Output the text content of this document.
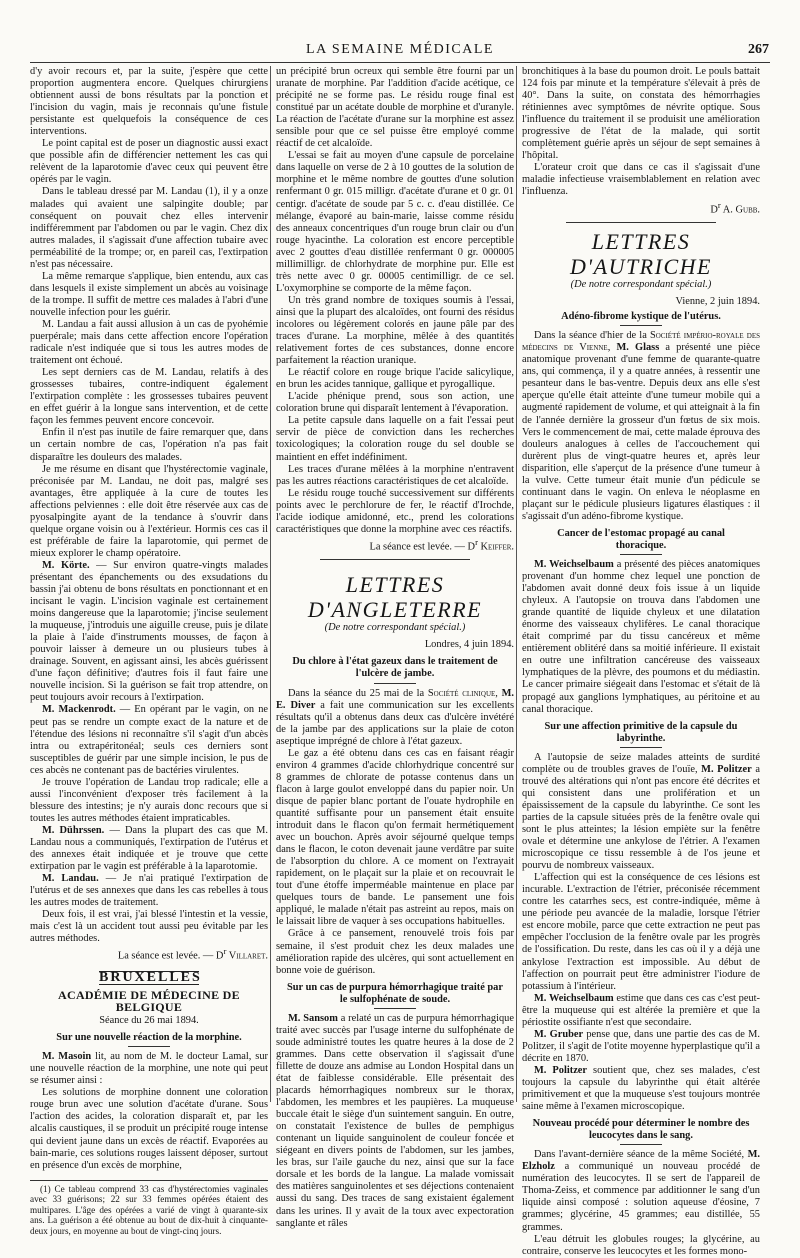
LA SEMAINE MÉDICALE	267

d'y avoir recours et, par la suite, j'espère que cette proportion augmentera encore. Quelques chirurgiens obtiennent aussi de bons résultats par la ponction et l'incision du vagin, mais je reconnais qu'une fistule persistante est quelquefois la conséquence de ces interventions.

Le point capital est de poser un diagnostic aussi exact que possible afin de différencier nettement les cas qui relèvent de la laparotomie d'avec ceux qui peuvent être opérés par le vagin.

Dans le tableau dressé par M. Landau (1), il y a onze malades qui avaient une salpingite double; par conséquent on pouvait chez elles intervenir indifféremment par l'abdomen ou par le vagin. Chez dix autres malades, il s'agissait d'une affection tubaire avec perméabilité de la trompe; or, en pareil cas, l'extirpation n'est pas nécessaire.

La même remarque s'applique, bien entendu, aux cas dans lesquels il existe simplement un abcès au voisinage de la trompe. Il suffit de mettre ces malades à l'abri d'une nouvelle infection pour les guérir.

M. Landau a fait aussi allusion à un cas de pyohémie puerpérale; mais dans cette affection encore l'opération radicale n'est indiquée que si tous les autres modes de traitement ont échoué.

Les sept derniers cas de M. Landau, relatifs à des grossesses tubaires, contre-indiquent également l'extirpation complète : les grossesses tubaires peuvent en effet guérir à la longue sans intervention, et de cette façon les femmes peuvent encore concevoir.

Enfin il n'est pas inutile de faire remarquer que, dans un certain nombre de cas, l'opération n'a pas fait disparaître les douleurs des malades.

Je me résume en disant que l'hystérectomie vaginale, préconisée par M. Landau, ne doit pas, malgré ses avantages, être appliquée à la cure de toutes les affections pelviennes : elle doit être réservée aux cas de pyosalpingite ayant de la tendance à s'ouvrir dans quelque organe voisin ou à l'extérieur. Hormis ces cas il est préférable de faire la laparotomie, qui permet de mieux explorer le champ opératoire.

M. Körte. — Sur environ quatre-vingts malades présentant des épanchements ou des exsudations du bassin j'ai obtenu de bons résultats en ponctionnant et en incisant le vagin. L'incision vaginale est certainement moins dangereuse que la laparotomie; j'incise seulement la muqueuse, j'introduis une aiguille creuse, puis je dilate la plaie à l'aide d'instruments mousses, de façon à pouvoir laisser à demeure un ou plusieurs tubes à drainage. Souvent, en agissant ainsi, les abcès guérissent d'une façon définitive; d'autres fois il faut faire une nouvelle incision. Si la guérison se fait trop attendre, on peut toujours avoir recours à l'extirpation.

M. Mackenrodt. — En opérant par le vagin, on ne peut pas se rendre un compte exact de la nature et de l'étendue des lésions ni reconnaître s'il s'agit d'un abcès intra ou extrapéritonéal; seuls ces derniers sont susceptibles de guérir par une simple incision, le pus de ces abcès ne contenant pas de bactéries virulentes.

Je trouve l'opération de Landau trop radicale; elle a aussi l'inconvénient d'exposer très facilement à la blessure des intestins; je n'y aurais donc recours que si toutes les autres méthodes étaient impraticables.

M. Dührssen. — Dans la plupart des cas que M. Landau nous a communiqués, l'extirpation de l'utérus et des annexes était indiquée et je trouve que cette extirpation par le vagin est préférable à la laparotomie.

M. Landau. — Je n'ai pratiqué l'extirpation de l'utérus et de ses annexes que dans les cas rebelles à tous les autres modes de traitement.

Deux fois, il est vrai, j'ai blessé l'intestin et la vessie, mais c'est là un accident tout aussi peu évitable par les autres méthodes.

La séance est levée. — $D^r$ Villaret.

BRUXELLES
ACADÉMIE DE MÉDECINE DE BELGIQUE
Séance du 26 mai 1894.
Sur une nouvelle réaction de la morphine.

M. Masoin lit, au nom de M. le docteur Lamal, sur une nouvelle réaction de la morphine, une note qui peut se résumer ainsi :

Les solutions de morphine donnent une coloration rouge brun avec une solution d'acétate d'urane. Sous l'action des acides, la coloration disparaît et, par les alcalis caustiques, il se produit un précipité rouge intense qui devient jaune dans un excès de réactif. Evaporées au bain-marie, ces solutions rouges laissent déposer, surtout en présence d'un excès de morphine,

(1) Ce tableau comprend 33 cas d'hystérectomies vaginales avec 33 guérisons; 22 sur 33 femmes opérées étaient des multipares. L'âge des opérées a varié de vingt à quarante-six ans. La guérison a été obtenue au bout de dix-huit à cinquante-deux jours, en moyenne au bout de vingt-cinq jours.

un précipité brun ocreux qui semble être fourni par un uranate de morphine. Par l'addition d'acide acétique, ce précipité ne se forme pas. Le résidu rouge final est constitué par un acétate double de morphine et d'uranyle. La réaction de l'acétate d'urane sur la morphine est assez sensible pour que ce sel puisse être employé comme réactif de cet alcaloïde.

L'essai se fait au moyen d'une capsule de porcelaine dans laquelle on verse de 2 à 10 gouttes de la solution de morphine et le même nombre de gouttes d'une solution renfermant 0 gr. 015 milligr. d'acétate d'urane et 0 gr. 01 centigr. d'acétate de soude par 5 c. c. d'eau distillée. Ce mélange, évaporé au bain-marie, laisse comme résidu des anneaux concentriques d'un rouge brun clair ou d'un rouge hyacinthe. La coloration est encore perceptible avec 2 gouttes d'eau distillée renfermant 0 gr. 000005 millimilligr. de chlorhydrate de morphine pur. Elle est très nette avec 0 gr. 00005 centimilligr. de ce sel. L'oxymorphine se comporte de la même façon.

Un très grand nombre de toxiques soumis à l'essai, ainsi que la plupart des alcaloïdes, ont fourni des résidus incolores ou légèrement colorés en jaune pâle par des traces d'urane. La morphine, mêlée à des quantités relativement fortes de ces substances, donne encore parfaitement la réaction uranique.

Le réactif colore en rouge brique l'acide salicylique, en brun les acides tannique, gallique et pyrogallique.

L'acide phénique prend, sous son action, une coloration brune qui disparaît lentement à l'évaporation.

La petite capsule dans laquelle on a fait l'essai peut servir de pièce de conviction dans les recherches toxicologiques; la coloration rouge du sel double se maintient en effet indéfiniment.

Les traces d'urane mêlées à la morphine n'entravent pas les autres réactions caractéristiques de cet alcaloïde.

Le résidu rouge touché successivement sur différents points avec le perchlorure de fer, le réactif d'Irochde, l'acide iodique amidonné, etc., prend les colorations caractéristiques que donne la morphine avec ces réactifs.

La séance est levée. — $D^r$ Keiffer.

LETTRES D'ANGLETERRE
(De notre correspondant spécial.)
Londres, 4 juin 1894.
Du chlore à l'état gazeux dans le traitement de l'ulcère de jambe.

Dans la séance du 25 mai de la Société clinique, M. E. Diver a fait une communication sur les excellents résultats qu'il a obtenus dans deux cas d'ulcère invétéré de la jambe par des applications sur la plaie de coton aseptique imprégné de chlore à l'état gazeux.

Le gaz a été obtenu dans ces cas en faisant réagir environ 4 grammes d'acide chlorhydrique concentré sur 8 grammes de chlorate de potasse contenus dans un flacon à large goulot enveloppé dans du papier noir. Un disque de papier blanc portant de l'ouate hydrophile en quantité suffisante pour un pansement était ensuite introduit dans le flacon qu'on fermait hermétiquement avec un bouchon. Après avoir séjourné quelque temps dans le flacon, le coton devenait jaune verdâtre par suite de l'absorption du chlore. A ce moment on l'extrayait rapidement, on le plaçait sur la plaie et on recouvrait le tout d'une étoffe imperméable maintenue en place par quelques tours de bande. Le pansement une fois appliqué, le malade n'était pas astreint au repos, mais on le laissait libre de vaquer à ses occupations habituelles.

Grâce à ce pansement, renouvelé trois fois par semaine, il s'est produit chez les deux malades une amélioration rapide des ulcères, qui sont actuellement en bonne voie de guérison.

Sur un cas de purpura hémorrhagique traité par le sulfophénate de soude.

M. Sansom a relaté un cas de purpura hémorrhagique traité avec succès par l'usage interne du sulfophénate de soude administré toutes les quatre heures à la dose de 2 grammes. Dans cette observation il s'agissait d'une fillette de douze ans admise au London Hospital dans un état de faiblesse considérable. Elle présentait des placards hémorrhagiques nombreux sur le thorax, l'abdomen, les membres et les paupières. La muqueuse buccale était le siège d'un suintement sanguin. En outre, on constatait l'existence de bulles de pemphigus contenant un liquide sanguinolent de couleur foncée et siégeant en divers points de l'abdomen, sur les jambes, les bras, sur l'aile gauche du nez, ainsi que sur la face dorsale et les bords de la langue. La malade vomissait des matières sanguinolentes et ses déjections contenaient aussi du sang. Des traces de sang existaient également dans les urines. Il y avait de la toux avec expectoration sanglante et râles

bronchitiques à la base du poumon droit. Le pouls battait 124 fois par minute et la température s'élevait à près de 40°. Dans la suite, on constata des hémorrhagies rétiniennes avec symptômes de névrite optique. Sous l'influence du traitement il se produisit une amélioration progressive de l'état de la malade, qui sortit complètement guérie après un séjour de sept semaines à l'hôpital.

L'orateur croit que dans ce cas il s'agissait d'une maladie infectieuse vraisemblablement en relation avec l'influenza.

$D^r$ A. Gubb.

LETTRES D'AUTRICHE
(De notre correspondant spécial.)
Vienne, 2 juin 1894.
Adéno-fibrome kystique de l'utérus.

Dans la séance d'hier de la Société império-royale des médecins de Vienne, M. Glass a présenté une pièce anatomique provenant d'une femme de quarante-quatre ans, qui commença, il y a quatre années, à ressentir une pesanteur dans le bas-ventre. Depuis deux ans elle s'est aperçue qu'elle était atteinte d'une tumeur mobile qui a augmenté rapidement de volume, et qui atteignait à la fin de l'année dernière la grosseur d'un fœtus de six mois. Vers le commencement de mai, cette malade éprouva des douleurs analogues à celles de l'accouchement qui durèrent plus de vingt-quatre heures et, après leur disparition, elle s'aperçut de la présence d'une tumeur à la vulve. Cette tumeur était munie d'un pédicule se continuant dans le vagin. On enleva le néoplasme en plaçant sur le pédicule plusieurs ligatures élastiques : il s'agissait d'un adéno-fibrome kystique.

Cancer de l'estomac propagé au canal thoracique.

M. Weichselbaum a présenté des pièces anatomiques provenant d'un homme chez lequel une ponction de l'abdomen avait donné deux fois issue à un liquide chyleux. A l'autopsie on trouva dans l'abdomen une grande quantité de liquide chyleux et une dilatation énorme des vaisseaux chylifères. Le canal thoracique était comprimé par du tissu cancéreux et même entièrement oblitéré dans sa moitié inférieure. Il existait en outre une infiltration cancéreuse des vaisseaux lymphatiques de la plèvre, des poumons et du médiastin. Le cancer primaire siégeait dans l'estomac et s'était de là propagé aux ganglions lymphatiques, au péritoine et au canal thoracique.

Sur une affection primitive de la capsule du labyrinthe.

A l'autopsie de seize malades atteints de surdité complète ou de troubles graves de l'ouïe, M. Politzer a trouvé des altérations qui n'ont pas encore été décrites et qui consistent dans une prolifération et un épaississement de la capsule du labyrinthe. Ce sont les parties de la capsule situées près de la fenêtre ovale qui sont le plus atteintes; la lésion empiète sur la fenêtre ovale et détermine une ankylose de l'étrier. A l'examen microscopique ce tissu ressemble à de l'os jeune et pourvu de nombreux vaisseaux.

L'affection qui est la conséquence de ces lésions est incurable. L'extraction de l'étrier, préconisée récemment contre les catarrhes secs, est contre-indiquée, même à une période peu avancée de la maladie, lorsque l'étrier est encore mobile, parce que cette extraction ne peut pas empêcher l'occlusion de la fenêtre ovale par les progrès de l'ossification. Du reste, dans les cas où il y a déjà une ankylose l'extraction est impossible. Au début de l'affection on pourrait peut être administrer l'iodure de potassium à l'intérieur.

M. Weichselbaum estime que dans ces cas c'est peut-être la muqueuse qui est altérée la première et que la périostite ossifiante n'est que secondaire.

M. Gruber pense que, dans une partie des cas de M. Politzer, il s'agit de l'otite moyenne hyperplastique qu'il a décrite en 1870.

M. Politzer soutient que, chez ses malades, c'est toujours la capsule du labyrinthe qui était altérée primitivement et que la muqueuse s'est toujours montrée saine même à l'examen microscopique.

Nouveau procédé pour déterminer le nombre des leucocytes dans le sang.

Dans l'avant-dernière séance de la même Société, M. Elzholz a communiqué un nouveau procédé de numération des leucocytes. Il se sert de l'appareil de Thoma-Zeiss, et commence par additionner le sang d'un liquide ainsi composé : solution aqueuse d'éosine, 7 grammes; glycérine, 45 grammes; eau distillée, 55 grammes.

L'eau détruit les globules rouges; la glycérine, au contraire, conserve les leucocytes et les formes mono-
